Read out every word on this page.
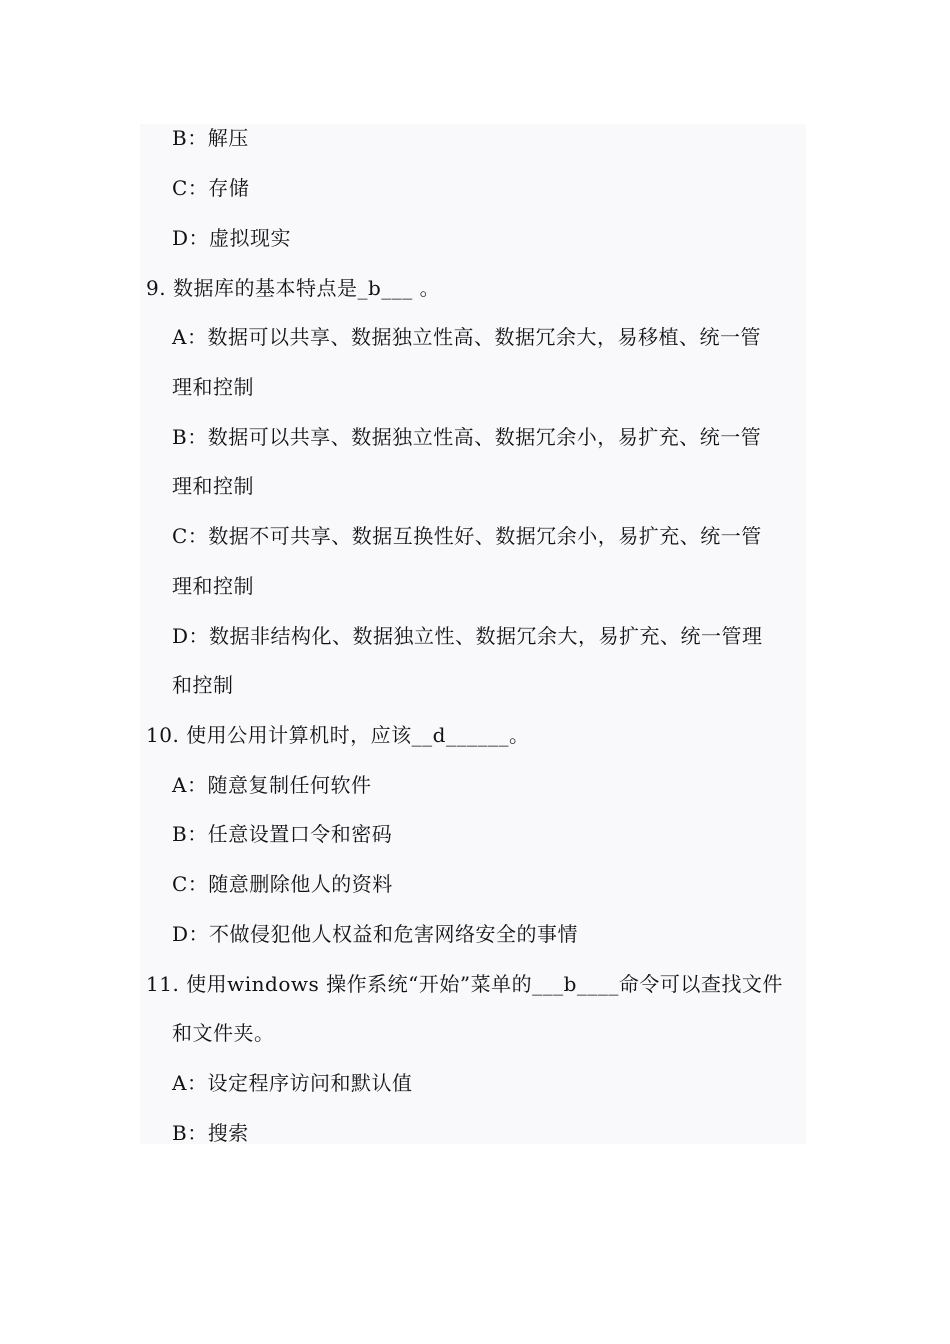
B：解压
C：存储
D：虚拟现实
9. 数据库的基本特点是_b___ 。
A：数据可以共享、数据独立性高、数据冗余大，易移植、统一管
理和控制
B：数据可以共享、数据独立性高、数据冗余小，易扩充、统一管
理和控制
C：数据不可共享、数据互换性好、数据冗余小，易扩充、统一管
理和控制
D：数据非结构化、数据独立性、数据冗余大，易扩充、统一管理
和控制
10. 使用公用计算机时，应该__d______。
A：随意复制任何软件
B：任意设置口令和密码
C：随意删除他人的资料
D：不做侵犯他人权益和危害网络安全的事情
11. 使用windows 操作系统“开始”菜单的___b____命令可以查找文件
和文件夹。
A：设定程序访问和默认值
B：搜索
